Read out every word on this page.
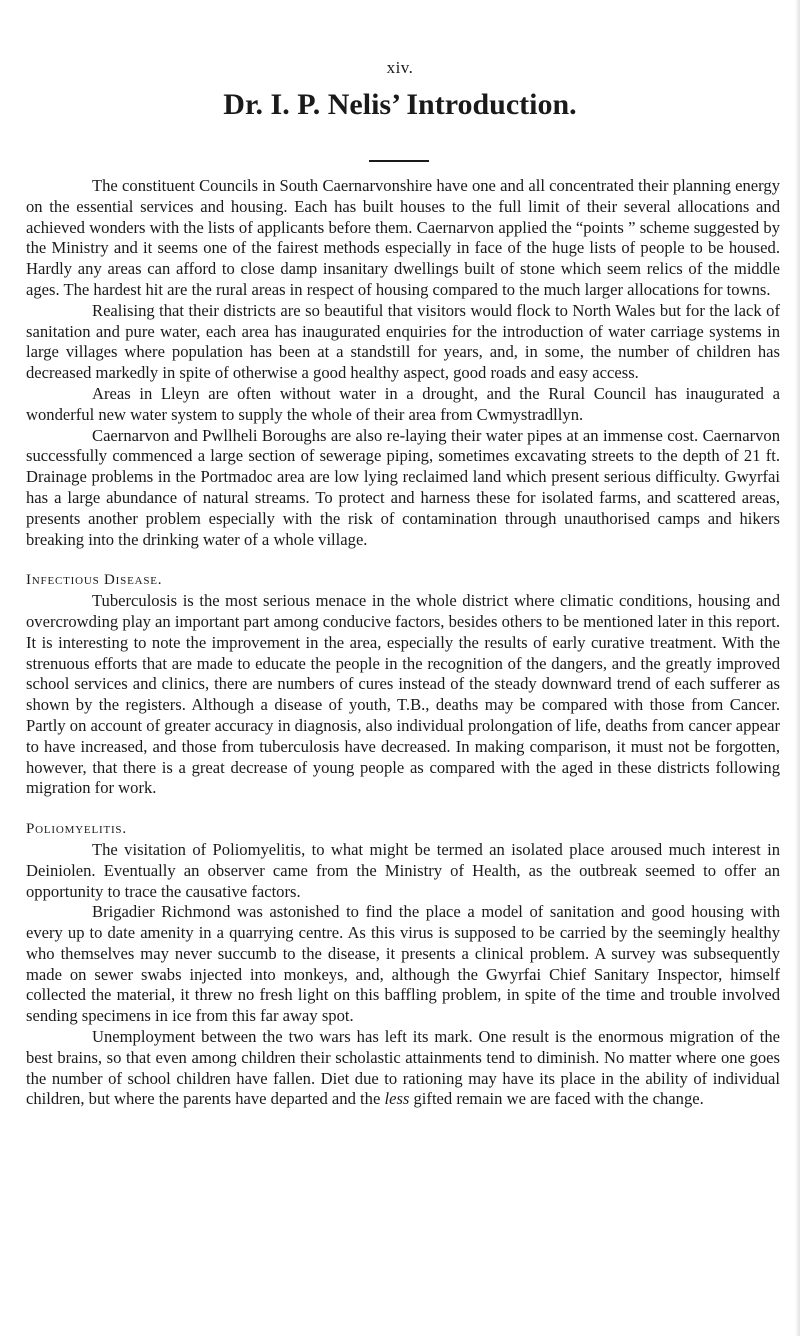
xiv.
Dr. I. P. Nelis’ Introduction.

The constituent Councils in South Caernarvonshire have one and all concentrated their planning energy on the essential services and housing. Each has built houses to the full limit of their several allocations and achieved wonders with the lists of applicants before them. Caernarvon applied the “points ” scheme suggested by the Ministry and it seems one of the fairest methods especially in face of the huge lists of people to be housed. Hardly any areas can afford to close damp insanitary dwellings built of stone which seem relics of the middle ages. The hardest hit are the rural areas in respect of housing compared to the much larger allocations for towns.

Realising that their districts are so beautiful that visitors would flock to North Wales but for the lack of sanitation and pure water, each area has inaugurated enquiries for the introduction of water carriage systems in large villages where population has been at a standstill for years, and, in some, the number of children has decreased markedly in spite of otherwise a good healthy aspect, good roads and easy access.

Areas in Lleyn are often without water in a drought, and the Rural Council has inaugurated a wonderful new water system to supply the whole of their area from Cwmystradllyn.

Caernarvon and Pwllheli Boroughs are also re-laying their water pipes at an immense cost. Caernarvon successfully commenced a large section of sewerage piping, sometimes excavating streets to the depth of 21 ft. Drainage problems in the Portmadoc area are low lying reclaimed land which present serious difficulty. Gwyrfai has a large abundance of natural streams. To protect and harness these for isolated farms, and scattered areas, presents another problem especially with the risk of contamination through unauthorised camps and hikers breaking into the drinking water of a whole village.

Infectious Disease.

Tuberculosis is the most serious menace in the whole district where climatic conditions, housing and overcrowding play an important part among conducive factors, besides others to be mentioned later in this report. It is interesting to note the improvement in the area, especially the results of early curative treatment. With the strenuous efforts that are made to educate the people in the recognition of the dangers, and the greatly improved school services and clinics, there are numbers of cures instead of the steady downward trend of each sufferer as shown by the registers. Although a disease of youth, T.B., deaths may be compared with those from Cancer. Partly on account of greater accuracy in diagnosis, also individual prolongation of life, deaths from cancer appear to have increased, and those from tuberculosis have decreased. In making comparison, it must not be forgotten, however, that there is a great decrease of young people as compared with the aged in these districts following migration for work.

Poliomyelitis.

The visitation of Poliomyelitis, to what might be termed an isolated place aroused much interest in Deiniolen. Eventually an observer came from the Ministry of Health, as the outbreak seemed to offer an opportunity to trace the causative factors.

Brigadier Richmond was astonished to find the place a model of sanitation and good housing with every up to date amenity in a quarrying centre. As this virus is supposed to be carried by the seemingly healthy who themselves may never succumb to the disease, it presents a clinical problem. A survey was subsequently made on sewer swabs injected into monkeys, and, although the Gwyrfai Chief Sanitary Inspector, himself collected the material, it threw no fresh light on this baffling problem, in spite of the time and trouble involved sending specimens in ice from this far away spot.

Unemployment between the two wars has left its mark. One result is the enormous migration of the best brains, so that even among children their scholastic attainments tend to diminish. No matter where one goes the number of school children have fallen. Diet due to rationing may have its place in the ability of individual children, but where the parents have departed and the less gifted remain we are faced with the change.
